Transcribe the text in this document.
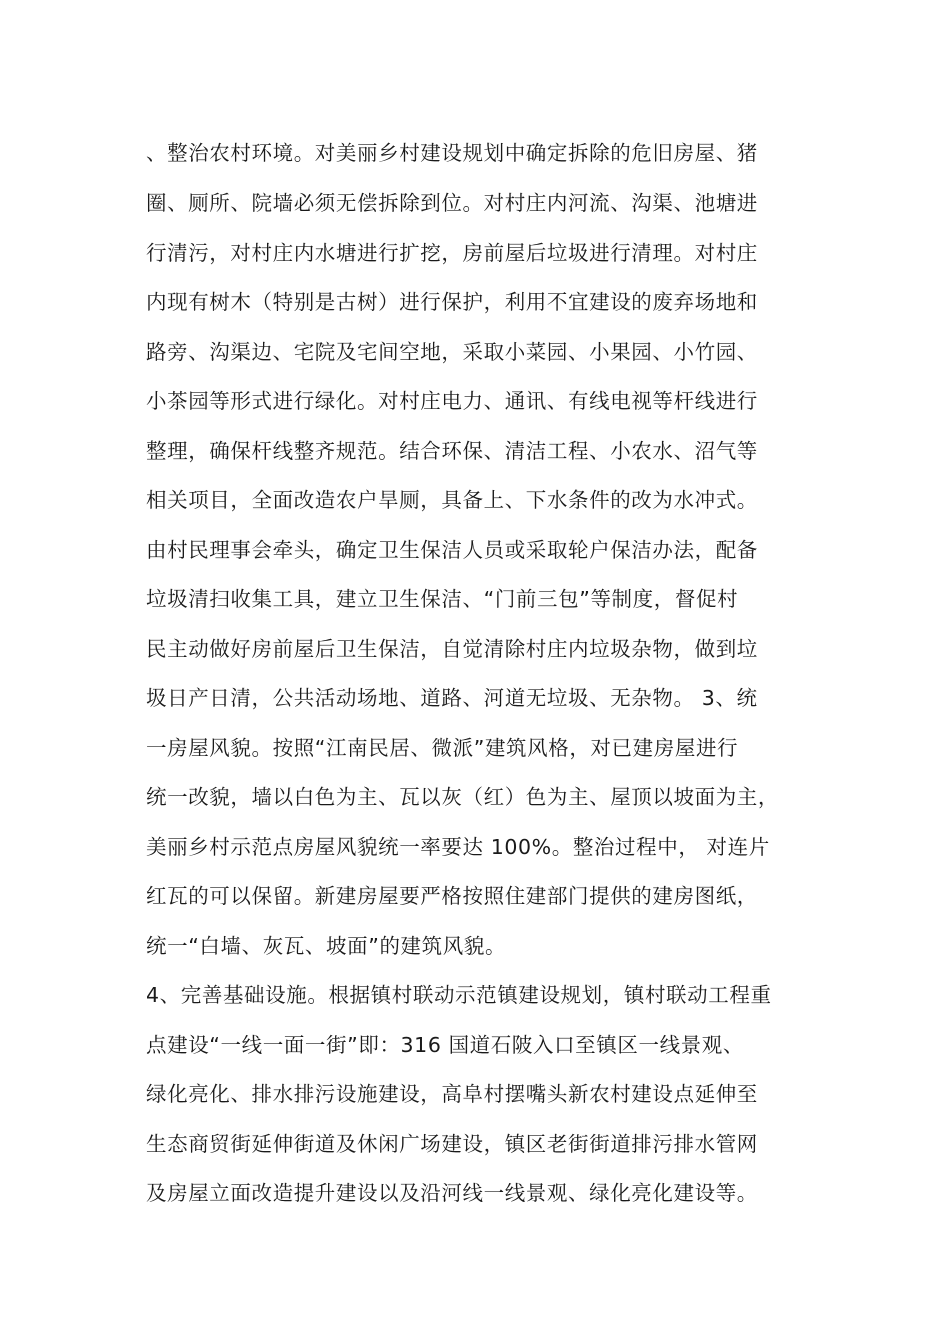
、整治农村环境。对美丽乡村建设规划中确定拆除的危旧房屋、猪
圈、厕所、院墙必须无偿拆除到位。对村庄内河流、沟渠、池塘进
行清污，对村庄内水塘进行扩挖，房前屋后垃圾进行清理。对村庄
内现有树木（特别是古树）进行保护，利用不宜建设的废弃场地和
路旁、沟渠边、宅院及宅间空地，采取小菜园、小果园、小竹园、
小茶园等形式进行绿化。对村庄电力、通讯、有线电视等杆线进行
整理，确保杆线整齐规范。结合环保、清洁工程、小农水、沼气等
相关项目，全面改造农户旱厕，具备上、下水条件的改为水冲式。
由村民理事会牵头，确定卫生保洁人员或采取轮户保洁办法，配备
垃圾清扫收集工具，建立卫生保洁、“门前三包”等制度，督促村
民主动做好房前屋后卫生保洁，自觉清除村庄内垃圾杂物，做到垃
圾日产日清，公共活动场地、道路、河道无垃圾、无杂物。 3、统
一房屋风貌。按照“江南民居、微派”建筑风格，对已建房屋进行
统一改貌，墙以白色为主、瓦以灰（红）色为主、屋顶以坡面为主，
美丽乡村示范点房屋风貌统一率要达 100%。整治过程中， 对连片
红瓦的可以保留。新建房屋要严格按照住建部门提供的建房图纸，
统一“白墙、灰瓦、坡面”的建筑风貌。
4、完善基础设施。根据镇村联动示范镇建设规划，镇村联动工程重
点建设“一线一面一街”即：316 国道石陂入口至镇区一线景观、
绿化亮化、排水排污设施建设，高阜村摆嘴头新农村建设点延伸至
生态商贸街延伸街道及休闲广场建设，镇区老街街道排污排水管网
及房屋立面改造提升建设以及沿河线一线景观、绿化亮化建设等。
